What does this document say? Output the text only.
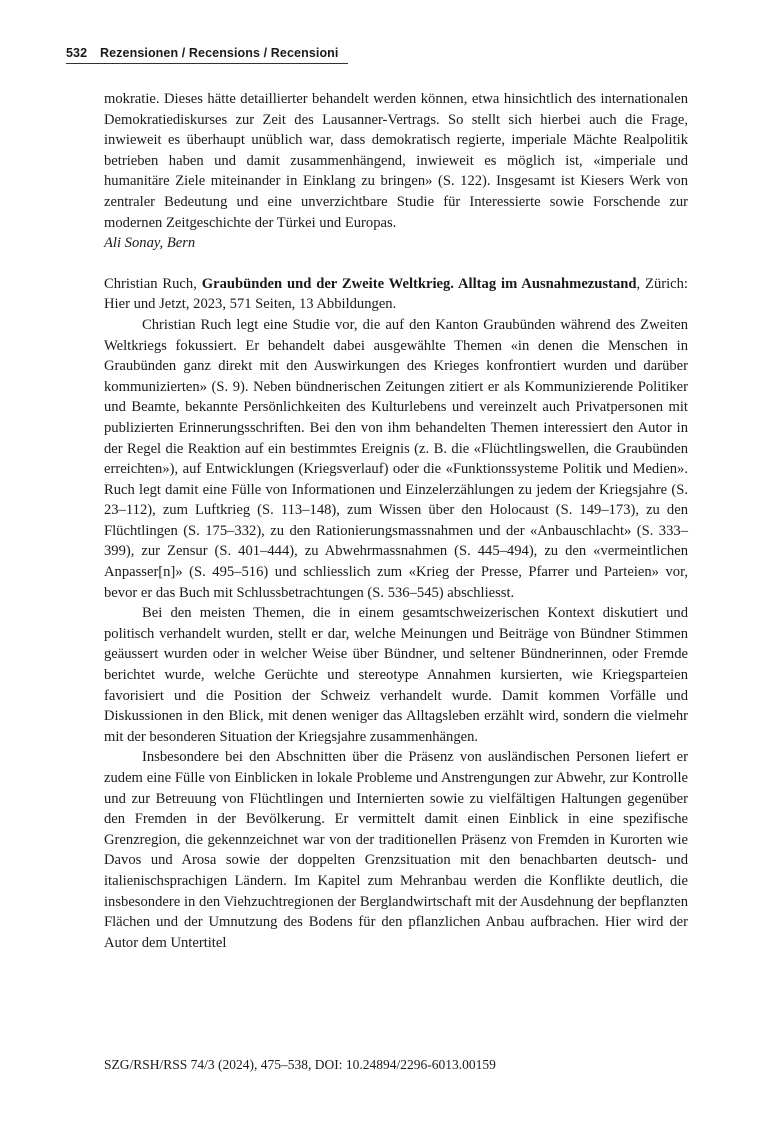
532 Rezensionen / Recensions / Recensioni

mokratie. Dieses hätte detaillierter behandelt werden können, etwa hinsichtlich des internationalen Demokratiediskurses zur Zeit des Lausanner-Vertrags. So stellt sich hierbei auch die Frage, inwieweit es überhaupt unüblich war, dass demokratisch regierte, imperiale Mächte Realpolitik betrieben haben und damit zusammenhängend, inwieweit es möglich ist, «imperiale und humanitäre Ziele miteinander in Einklang zu bringen» (S. 122). Insgesamt ist Kiesers Werk von zentraler Bedeutung und eine unverzichtbare Studie für Interessierte sowie Forschende zur modernen Zeitgeschichte der Türkei und Europas.

Ali Sonay, Bern

Christian Ruch, Graubünden und der Zweite Weltkrieg. Alltag im Ausnahmezustand, Zürich: Hier und Jetzt, 2023, 571 Seiten, 13 Abbildungen.

Christian Ruch legt eine Studie vor, die auf den Kanton Graubünden während des Zweiten Weltkriegs fokussiert. Er behandelt dabei ausgewählte Themen «in denen die Menschen in Graubünden ganz direkt mit den Auswirkungen des Krieges konfrontiert wurden und darüber kommunizierten» (S. 9). Neben bündnerischen Zeitungen zitiert er als Kommunizierende Politiker und Beamte, bekannte Persönlichkeiten des Kulturlebens und vereinzelt auch Privatpersonen mit publizierten Erinnerungsschriften. Bei den von ihm behandelten Themen interessiert den Autor in der Regel die Reaktion auf ein bestimmtes Ereignis (z. B. die «Flüchtlingswellen, die Graubünden erreichten»), auf Entwicklungen (Kriegsverlauf) oder die «Funktionssysteme Politik und Medien». Ruch legt damit eine Fülle von Informationen und Einzelerzählungen zu jedem der Kriegsjahre (S. 23–112), zum Luftkrieg (S. 113–148), zum Wissen über den Holocaust (S. 149–173), zu den Flüchtlingen (S. 175–332), zu den Rationierungsmassnahmen und der «Anbauschlacht» (S. 333–399), zur Zensur (S. 401–444), zu Abwehrmassnahmen (S. 445–494), zu den «vermeintlichen Anpasser[n]» (S. 495–516) und schliesslich zum «Krieg der Presse, Pfarrer und Parteien» vor, bevor er das Buch mit Schlussbetrachtungen (S. 536–545) abschliesst.

Bei den meisten Themen, die in einem gesamtschweizerischen Kontext diskutiert und politisch verhandelt wurden, stellt er dar, welche Meinungen und Beiträge von Bündner Stimmen geäussert wurden oder in welcher Weise über Bündner, und seltener Bündnerinnen, oder Fremde berichtet wurde, welche Gerüchte und stereotype Annahmen kursierten, wie Kriegsparteien favorisiert und die Position der Schweiz verhandelt wurde. Damit kommen Vorfälle und Diskussionen in den Blick, mit denen weniger das Alltagsleben erzählt wird, sondern die vielmehr mit der besonderen Situation der Kriegsjahre zusammenhängen.

Insbesondere bei den Abschnitten über die Präsenz von ausländischen Personen liefert er zudem eine Fülle von Einblicken in lokale Probleme und Anstrengungen zur Abwehr, zur Kontrolle und zur Betreuung von Flüchtlingen und Internierten sowie zu vielfältigen Haltungen gegenüber den Fremden in der Bevölkerung. Er vermittelt damit einen Einblick in eine spezifische Grenzregion, die gekennzeichnet war von der traditionellen Präsenz von Fremden in Kurorten wie Davos und Arosa sowie der doppelten Grenzsituation mit den benachbarten deutsch- und italienischsprachigen Ländern. Im Kapitel zum Mehranbau werden die Konflikte deutlich, die insbesondere in den Viehzuchtregionen der Berglandwirtschaft mit der Ausdehnung der bepflanzten Flächen und der Umnutzung des Bodens für den pflanzlichen Anbau aufbrachen. Hier wird der Autor dem Untertitel

SZG/RSH/RSS 74/3 (2024), 475–538, DOI: 10.24894/2296-6013.00159
